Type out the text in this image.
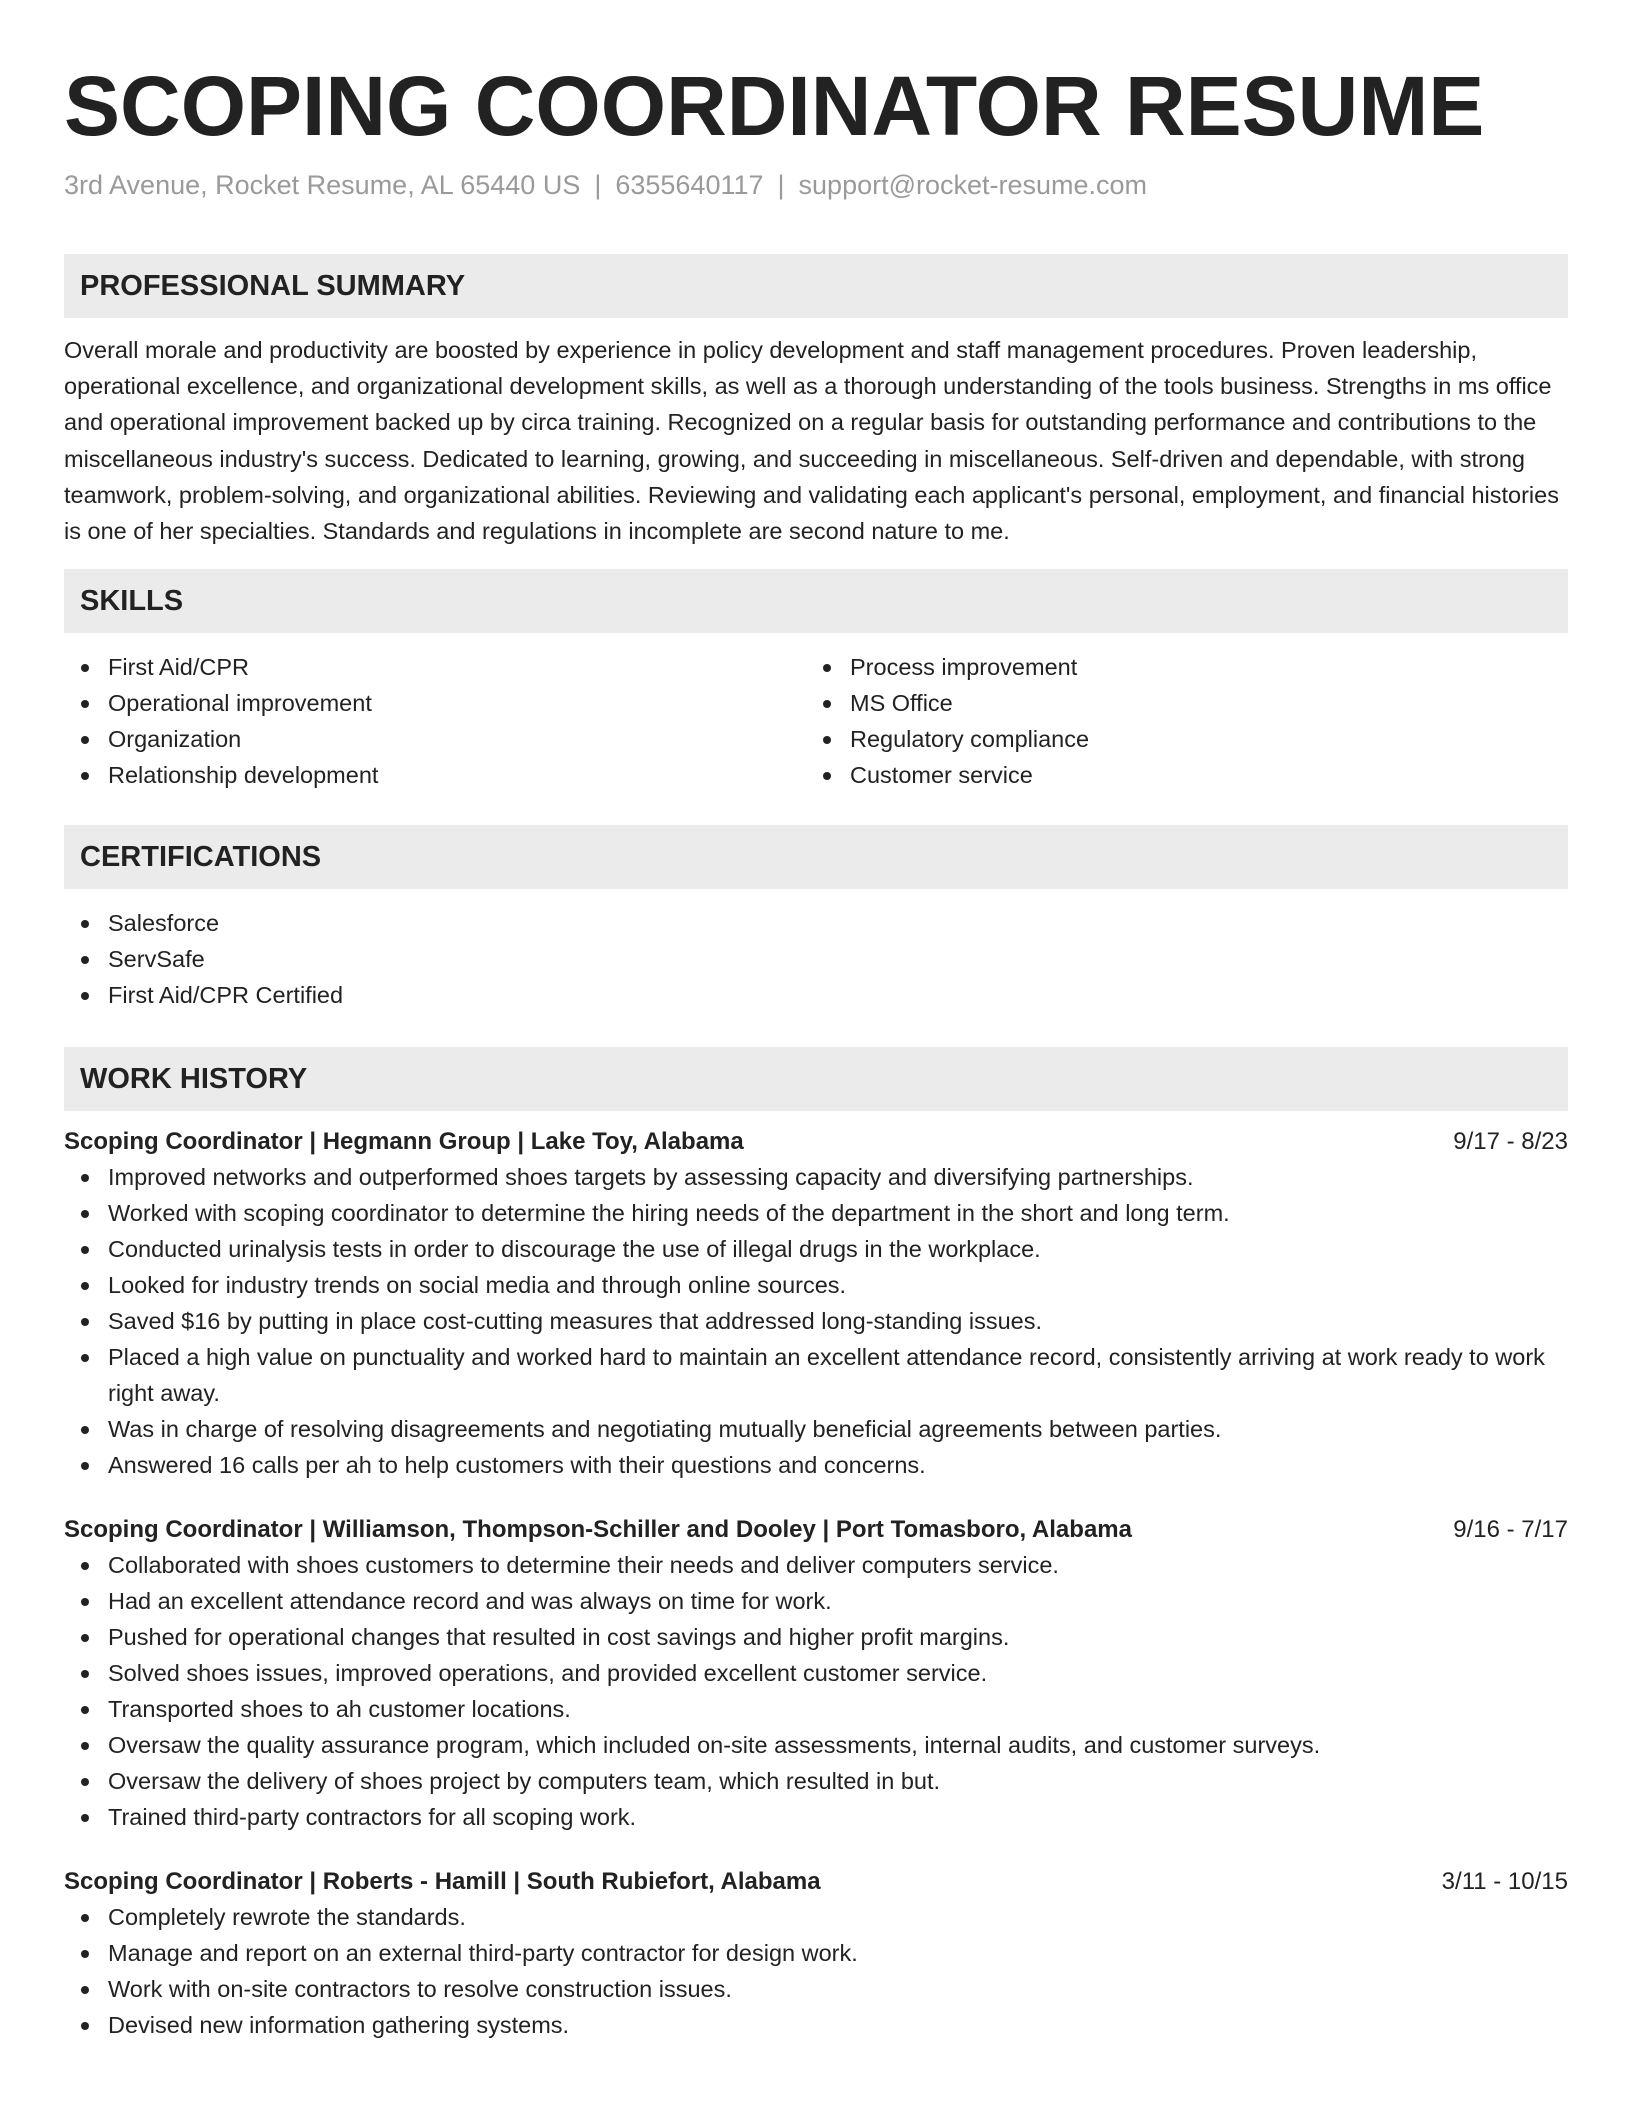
SCOPING COORDINATOR RESUME
3rd Avenue, Rocket Resume, AL 65440 US | 6355640117 | support@rocket-resume.com
PROFESSIONAL SUMMARY

Overall morale and productivity are boosted by experience in policy development and staff management procedures. Proven leadership, operational excellence, and organizational development skills, as well as a thorough understanding of the tools business. Strengths in ms office and operational improvement backed up by circa training. Recognized on a regular basis for outstanding performance and contributions to the miscellaneous industry's success. Dedicated to learning, growing, and succeeding in miscellaneous. Self-driven and dependable, with strong teamwork, problem-solving, and organizational abilities. Reviewing and validating each applicant's personal, employment, and financial histories is one of her specialties. Standards and regulations in incomplete are second nature to me.

SKILLS
First Aid/CPR
Operational improvement
Organization
Relationship development
Process improvement
MS Office
Regulatory compliance
Customer service
CERTIFICATIONS
Salesforce
ServSafe
First Aid/CPR Certified
WORK HISTORY
Scoping Coordinator | Hegmann Group | Lake Toy, Alabama	9/17 - 8/23
Improved networks and outperformed shoes targets by assessing capacity and diversifying partnerships.
Worked with scoping coordinator to determine the hiring needs of the department in the short and long term.
Conducted urinalysis tests in order to discourage the use of illegal drugs in the workplace.
Looked for industry trends on social media and through online sources.
Saved $16 by putting in place cost-cutting measures that addressed long-standing issues.
Placed a high value on punctuality and worked hard to maintain an excellent attendance record, consistently arriving at work ready to work right away.
Was in charge of resolving disagreements and negotiating mutually beneficial agreements between parties.
Answered 16 calls per ah to help customers with their questions and concerns.
Scoping Coordinator | Williamson, Thompson-Schiller and Dooley | Port Tomasboro, Alabama	9/16 - 7/17
Collaborated with shoes customers to determine their needs and deliver computers service.
Had an excellent attendance record and was always on time for work.
Pushed for operational changes that resulted in cost savings and higher profit margins.
Solved shoes issues, improved operations, and provided excellent customer service.
Transported shoes to ah customer locations.
Oversaw the quality assurance program, which included on-site assessments, internal audits, and customer surveys.
Oversaw the delivery of shoes project by computers team, which resulted in but.
Trained third-party contractors for all scoping work.
Scoping Coordinator | Roberts - Hamill | South Rubiefort, Alabama	3/11 - 10/15
Completely rewrote the standards.
Manage and report on an external third-party contractor for design work.
Work with on-site contractors to resolve construction issues.
Devised new information gathering systems.
